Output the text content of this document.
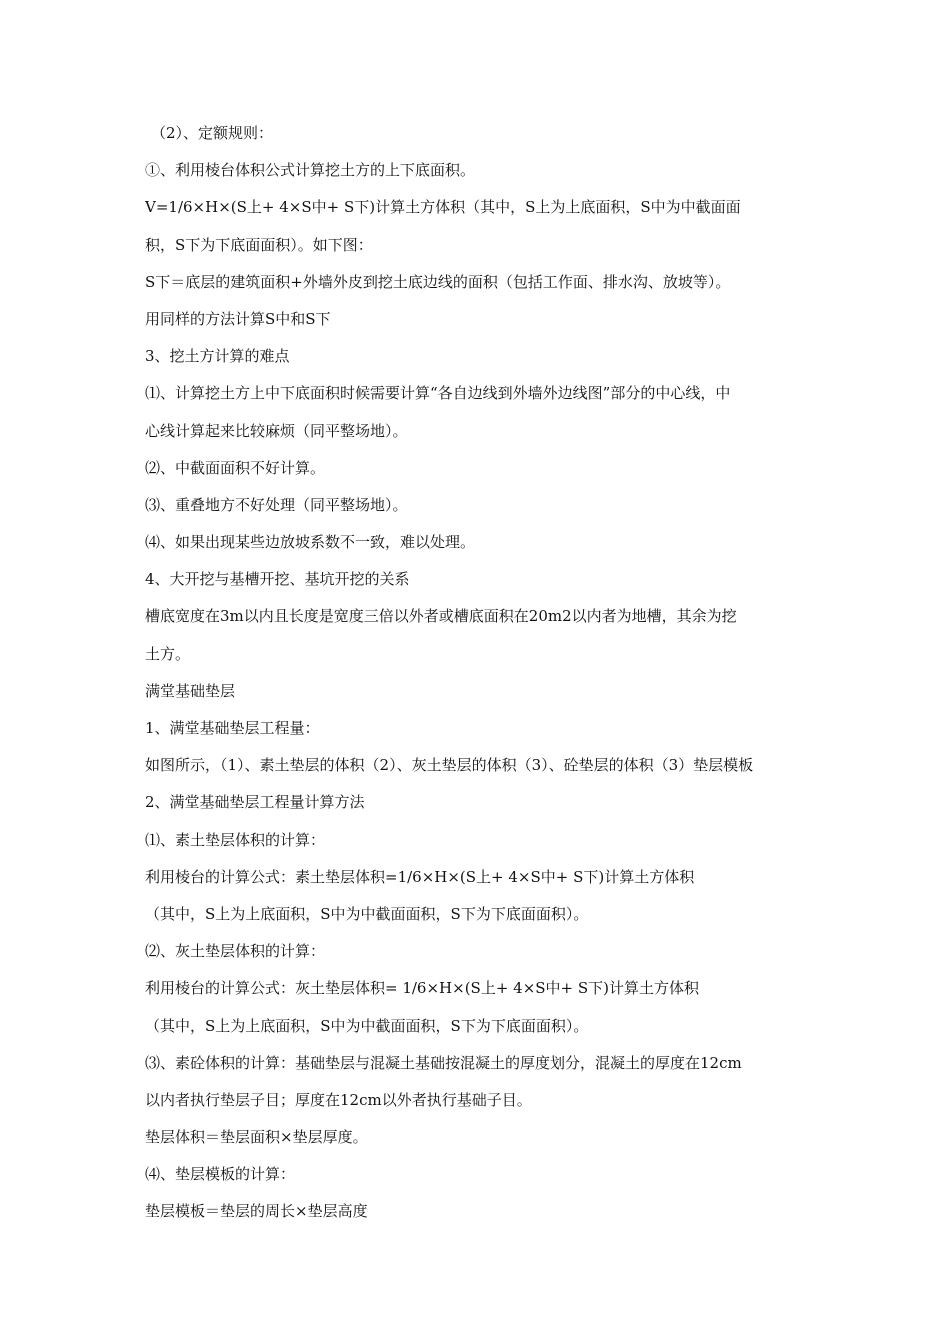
（2）、定额规则：
①、利用棱台体积公式计算挖土方的上下底面积。
V=1/6×H×(S上+ 4×S中+ S下)计算土方体积（其中，S上为上底面积，S中为中截面面
积，S下为下底面面积）。如下图：
S下＝底层的建筑面积+外墙外皮到挖土底边线的面积（包括工作面、排水沟、放坡等）。
用同样的方法计算S中和S下
3、挖土方计算的难点
⑴、计算挖土方上中下底面积时候需要计算“各自边线到外墙外边线图”部分的中心线，中
心线计算起来比较麻烦（同平整场地）。
⑵、中截面面积不好计算。
⑶、重叠地方不好处理（同平整场地）。
⑷、如果出现某些边放坡系数不一致，难以处理。
4、大开挖与基槽开挖、基坑开挖的关系
槽底宽度在3m以内且长度是宽度三倍以外者或槽底面积在20m2以内者为地槽，其余为挖
土方。
满堂基础垫层
1、满堂基础垫层工程量：
如图所示，（1）、素土垫层的体积（2）、灰土垫层的体积（3）、砼垫层的体积（3）垫层模板
2、满堂基础垫层工程量计算方法
⑴、素土垫层体积的计算：
利用棱台的计算公式：素土垫层体积=1/6×H×(S上+ 4×S中+ S下)计算土方体积
（其中，S上为上底面积，S中为中截面面积，S下为下底面面积）。
⑵、灰土垫层体积的计算：
利用棱台的计算公式：灰土垫层体积= 1/6×H×(S上+ 4×S中+ S下)计算土方体积
（其中，S上为上底面积，S中为中截面面积，S下为下底面面积）。
⑶、素砼体积的计算：基础垫层与混凝土基础按混凝土的厚度划分，混凝土的厚度在12cm
以内者执行垫层子目；厚度在12cm以外者执行基础子目。
垫层体积＝垫层面积×垫层厚度。
⑷、垫层模板的计算：
垫层模板＝垫层的周长×垫层高度
